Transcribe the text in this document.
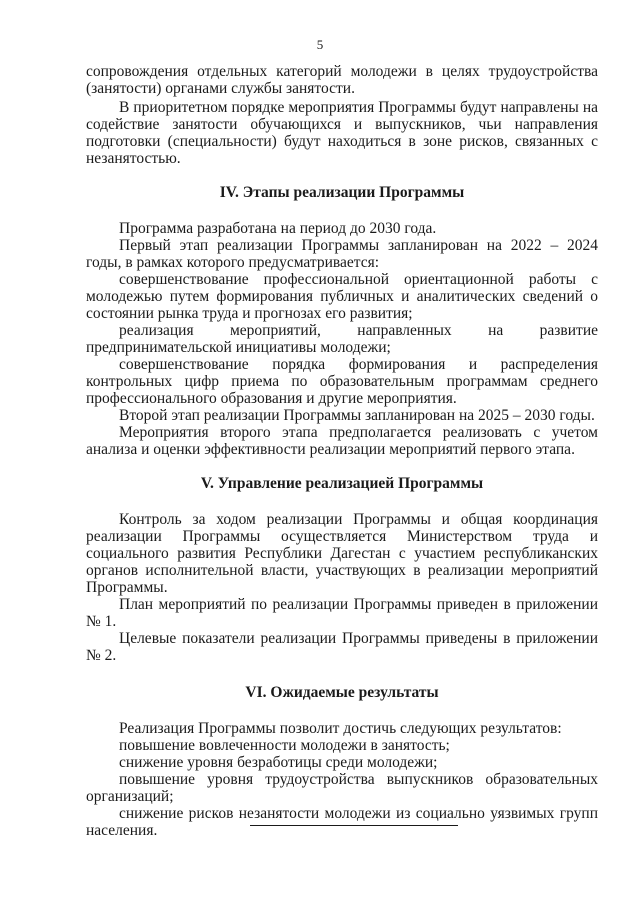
5

сопровождения отдельных категорий молодежи в целях трудоустройства (занятости) органами службы занятости.

В приоритетном порядке мероприятия Программы будут направлены на содействие занятости обучающихся и выпускников, чьи направления подготовки (специальности) будут находиться в зоне рисков, связанных с незанятостью.

IV. Этапы реализации Программы

Программа разработана на период до 2030 года.

Первый этап реализации Программы запланирован на 2022 – 2024 годы, в рамках которого предусматривается:

совершенствование профессиональной ориентационной работы с молодежью путем формирования публичных и аналитических сведений о состоянии рынка труда и прогнозах его развития;

реализация мероприятий, направленных на развитие предпринимательской инициативы молодежи;

совершенствование порядка формирования и распределения контрольных цифр приема по образовательным программам среднего профессионального образования и другие мероприятия.

Второй этап реализации Программы запланирован на 2025 – 2030 годы.

Мероприятия второго этапа предполагается реализовать с учетом анализа и оценки эффективности реализации мероприятий первого этапа.

V. Управление реализацией Программы

Контроль за ходом реализации Программы и общая координация реализации Программы осуществляется Министерством труда и социального развития Республики Дагестан с участием республиканских органов исполнительной власти, участвующих в реализации мероприятий Программы.

План мероприятий по реализации Программы приведен в приложении № 1.

Целевые показатели реализации Программы приведены в приложении № 2.

VI. Ожидаемые результаты

Реализация Программы позволит достичь следующих результатов:

повышение вовлеченности молодежи в занятость;

снижение уровня безработицы среди молодежи;

повышение уровня трудоустройства выпускников образовательных организаций;

снижение рисков незанятости молодежи из социально уязвимых групп населения.
